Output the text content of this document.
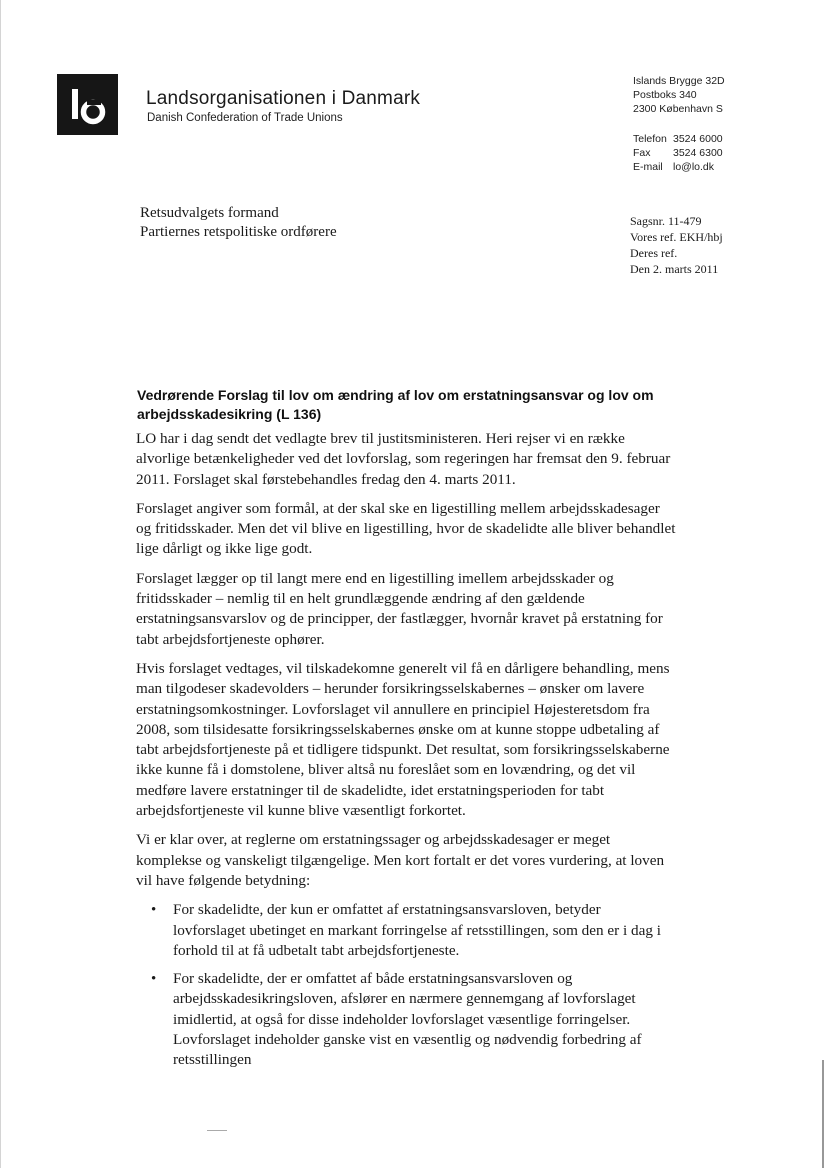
Landsorganisationen i Danmark
Danish Confederation of Trade Unions
Islands Brygge 32D
Postboks 340
2300 København S
Telefon 3524 6000
Fax	3524 6300
E-mail lo@lo.dk
Retsudvalgets formand
Partiernes retspolitiske ordførere
Sagsnr. 11-479
Vores ref. EKH/hbj
Deres ref.
Den 2. marts 2011
Vedrørende Forslag til lov om ændring af lov om erstatningsansvar og lov om arbejdsskadesikring (L 136)

LO har i dag sendt det vedlagte brev til justitsministeren. Heri rejser vi en række alvorlige betænkeligheder ved det lovforslag, som regeringen har fremsat den 9. februar 2011. Forslaget skal førstebehandles fredag den 4. marts 2011.

Forslaget angiver som formål, at der skal ske en ligestilling mellem arbejdsskadesager og fritidsskader. Men det vil blive en ligestilling, hvor de skadelidte alle bliver behandlet lige dårligt og ikke lige godt.

Forslaget lægger op til langt mere end en ligestilling imellem arbejdsskader og fritidsskader – nemlig til en helt grundlæggende ændring af den gældende erstatningsansvarslov og de principper, der fastlægger, hvornår kravet på erstatning for tabt arbejdsfortjeneste ophører.

Hvis forslaget vedtages, vil tilskadekomne generelt vil få en dårligere behandling, mens man tilgodeser skadevolders – herunder forsikringsselskabernes – ønsker om lavere erstatningsomkostninger. Lovforslaget vil annullere en principiel Højesteretsdom fra 2008, som tilsidesatte forsikringsselskabernes ønske om at kunne stoppe udbetaling af tabt arbejdsfortjeneste på et tidligere tidspunkt. Det resultat, som forsikringsselskaberne ikke kunne få i domstolene, bliver altså nu foreslået som en lovændring, og det vil medføre lavere erstatninger til de skadelidte, idet erstatningsperioden for tabt arbejdsfortjeneste vil kunne blive væsentligt forkortet.

Vi er klar over, at reglerne om erstatningssager og arbejdsskadesager er meget komplekse og vanskeligt tilgængelige. Men kort fortalt er det vores vurdering, at loven vil have følgende betydning:

• For skadelidte, der kun er omfattet af erstatningsansvarsloven, betyder lovforslaget ubetinget en markant forringelse af retsstillingen, som den er i dag i forhold til at få udbetalt tabt arbejdsfortjeneste.
• For skadelidte, der er omfattet af både erstatningsansvarsloven og arbejdsskadesikringsloven, afslører en nærmere gennemgang af lovforslaget imidlertid, at også for disse indeholder lovforslaget væsentlige forringelser. Lovforslaget indeholder ganske vist en væsentlig og nødvendig forbedring af retsstillingen
